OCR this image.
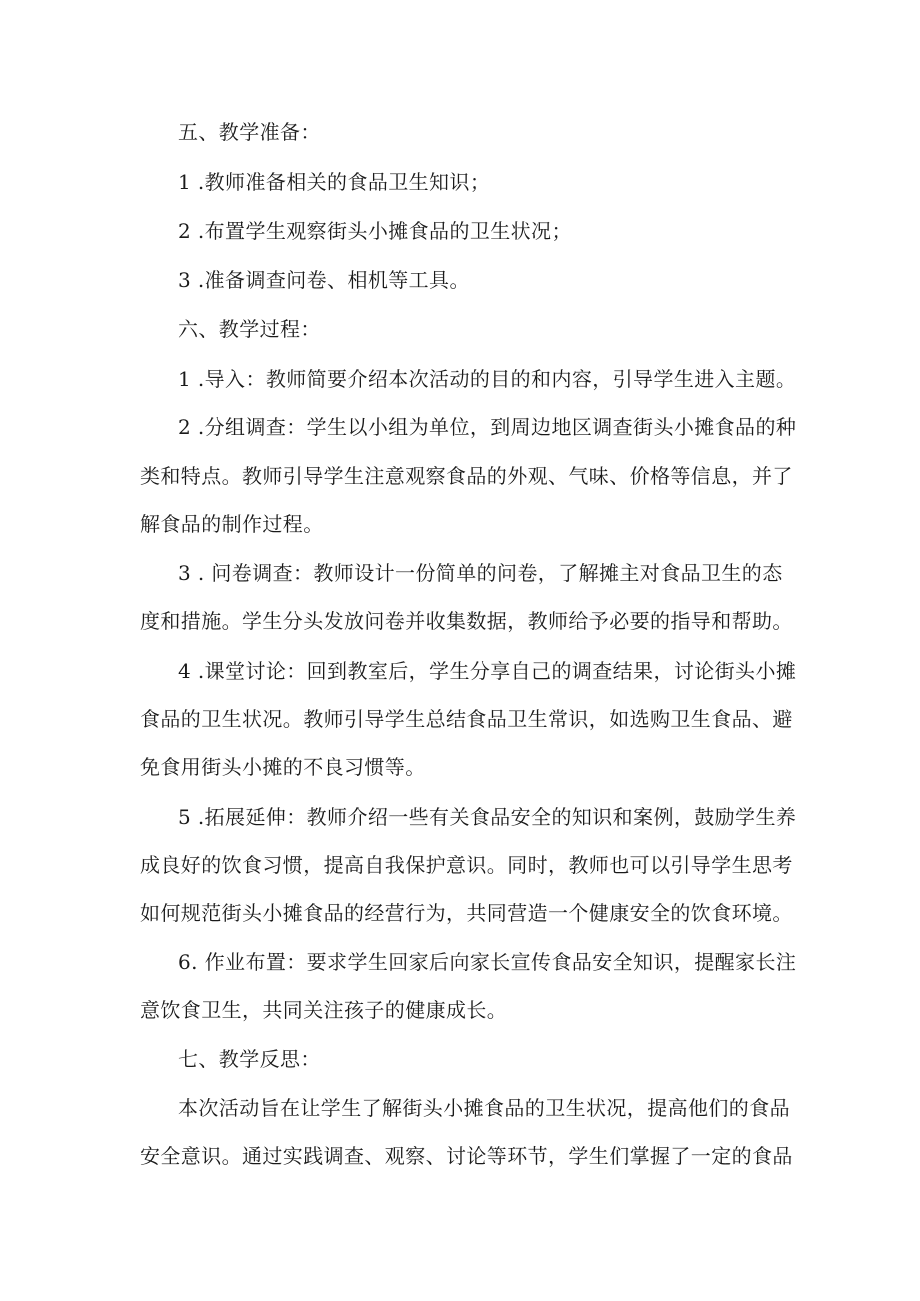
五、教学准备：
1 .教师准备相关的食品卫生知识；
2 .布置学生观察街头小摊食品的卫生状况；
3 .准备调查问卷、相机等工具。
六、教学过程：
1 .导入：教师简要介绍本次活动的目的和内容，引导学生进入主题。
2 .分组调查：学生以小组为单位，到周边地区调查街头小摊食品的种
类和特点。教师引导学生注意观察食品的外观、气味、价格等信息，并了
解食品的制作过程。
3 . 问卷调查：教师设计一份简单的问卷，了解摊主对食品卫生的态
度和措施。学生分头发放问卷并收集数据，教师给予必要的指导和帮助。
4 .课堂讨论：回到教室后，学生分享自己的调查结果，讨论街头小摊
食品的卫生状况。教师引导学生总结食品卫生常识，如选购卫生食品、避
免食用街头小摊的不良习惯等。
5 .拓展延伸：教师介绍一些有关食品安全的知识和案例，鼓励学生养
成良好的饮食习惯，提高自我保护意识。同时，教师也可以引导学生思考
如何规范街头小摊食品的经营行为，共同营造一个健康安全的饮食环境。
6. 作业布置：要求学生回家后向家长宣传食品安全知识，提醒家长注
意饮食卫生，共同关注孩子的健康成长。
七、教学反思：
本次活动旨在让学生了解街头小摊食品的卫生状况，提高他们的食品
安全意识。通过实践调查、观察、讨论等环节，学生们掌握了一定的食品
